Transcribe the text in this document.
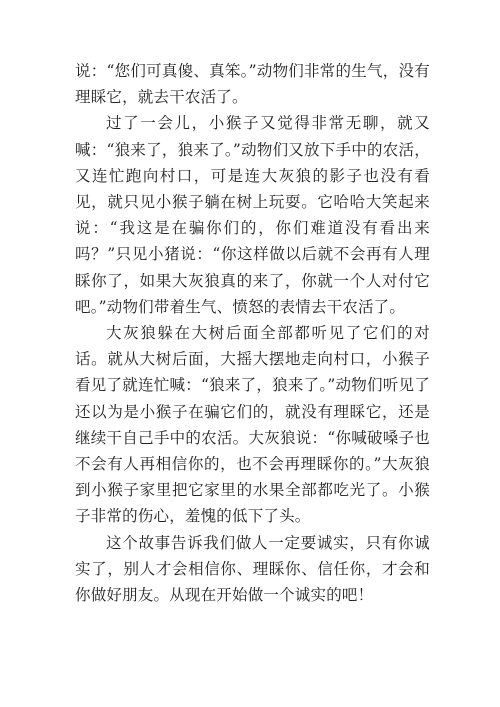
说：“您们可真傻、真笨。”动物们非常的生气，没有理睬它，就去干农活了。

过了一会儿，小猴子又觉得非常无聊，就又喊：“狼来了，狼来了。”动物们又放下手中的农活，又连忙跑向村口，可是连大灰狼的影子也没有看见，就只见小猴子躺在树上玩耍。它哈哈大笑起来说：“我这是在骗你们的，你们难道没有看出来吗？”只见小猪说：“你这样做以后就不会再有人理睬你了，如果大灰狼真的来了，你就一个人对付它吧。”动物们带着生气、愤怒的表情去干农活了。

大灰狼躲在大树后面全部都听见了它们的对话。就从大树后面，大摇大摆地走向村口，小猴子看见了就连忙喊：“狼来了，狼来了。”动物们听见了还以为是小猴子在骗它们的，就没有理睬它，还是继续干自己手中的农活。大灰狼说：“你喊破嗓子也不会有人再相信你的，也不会再理睬你的。”大灰狼到小猴子家里把它家里的水果全部都吃光了。小猴子非常的伤心，羞愧的低下了头。

这个故事告诉我们做人一定要诚实，只有你诚实了，别人才会相信你、理睬你、信任你，才会和你做好朋友。从现在开始做一个诚实的吧！
